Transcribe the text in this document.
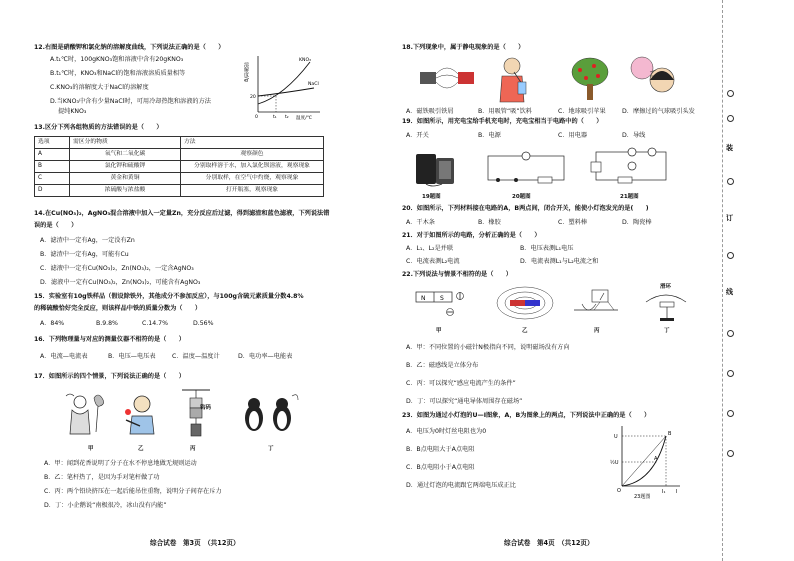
12.右图是硝酸钾和氯化钠的溶解度曲线，下列说法正确的是（　　）
A.t₁℃时，100gKNO₃饱和溶液中含有20gKNO₃
B.t₁℃时，KNO₃和NaCl的饱和溶液溶质质量相等
C.KNO₃的溶解度大于NaCl的溶解度
D.当KNO₃中含有少量NaCl时，可用冷却热饱和溶液的方法
提纯KNO₃
溶解度/g
温度/℃
KNO₃
NaCl
20
0	t₁ t₂
13.区分下列各组物质的方法错误的是（　　）
选项	需区分的物质	方法
A	氧气和二氧化碳	观察颜色
B	氯化钾和硫酸钾	分别取样溶于水，加入氯化钡溶液，观察现象
C	黄金和黄铜	分别取样，在空气中灼烧，观察现象
D	浓硫酸与浓盐酸	打开瓶塞，观察现象
14.在Cu(NO₃)₂，AgNO₃混合溶液中加入一定量Zn，充分反应后过滤，得到滤渣和蓝色滤液，下列说法错
误的是（　　）
A．滤渣中一定有Ag，一定没有Zn
B．滤渣中一定有Ag，可能有Cu
C．滤液中一定有Cu(NO₃)₂，Zn(NO₃)₂，一定含AgNO₃
D．滤液中一定有Cu(NO₃)₂，Zn(NO₃)₂，可能含有AgNO₃
15．实验室有10g铁样品（假设除铁外，其他成分不参加反应），与100g含硫元素质量分数4.8%
的稀硫酸恰好完全反应，则该样品中铁的质量分数为（　　）
A．84%	B.9.8%	C.14.7%	D.56%
16．下列物理量与对应的测量仪器不相符的是（　　）
A．电流—电流表	B．电压—电压表	C．温度—温度计	D．电功率—电能表
17．如图所示的四个情景，下列说法正确的是（　　）
钩码
甲	乙	丙	丁
A．甲：闻到花香说明了分子在水不停息地做无规则运动
B．乙：笔杆热了，是因为手对笔杆做了功
C．丙：两个铅块挤压在一起后能吊住重物，说明分子间存在斥力
D．丁：小企鹅说“南极很冷，冰山没有内能”
综合试卷　第3页　（共12页）
18.下列现象中，属于静电现象的是（　　）
A．磁铁吸引铁屑	B．用吸管“吸”饮料	C．地球吸引苹果	D．摩擦过的气球吸引头发
19．如图所示，用充电宝给手机充电时，充电宝相当于电路中的（　　）
A．开关	B．电源	C．用电器	D．导线
19题图	20题图	21题图
20．如图所示，下列材料接在电路的A，B两点间，闭合开关，能使小灯泡发光的是(　　)
A．干木条	B．橡胶	C．塑料棒	D．陶瓷棒
21．对于如图所示的电路，分析正确的是（　　）
A．L₁、L₂是并联	B．电压表测L₁电压
C．电流表测L₂电流	D．电流表测L₁与L₂电流之和
22.下列说法与情景不相符的是（　　）
N S
滑环
甲	乙	丙	丁
A．甲：不同位置的小磁针N极指向不同，说明磁场没有方向
B．乙：磁感线是立体分布
C．丙：可以探究“感应电流产生的条件”
D．丁：可以探究“通电导体周围存在磁场”
23．如图为通过小灯泡的U—I图象，A，B为图象上的两点，下列说法中正确的是（　　）
A．电压为0时灯丝电阻也为0
B．B点电阻大于A点电阻
C．B点电阻小于A点电阻
D．通过灯泡的电流跟它两端电压成正比
U
½U
B
A
O	I₁ I
23题图
综合试卷　第4页　（共12页）
装
订
线
